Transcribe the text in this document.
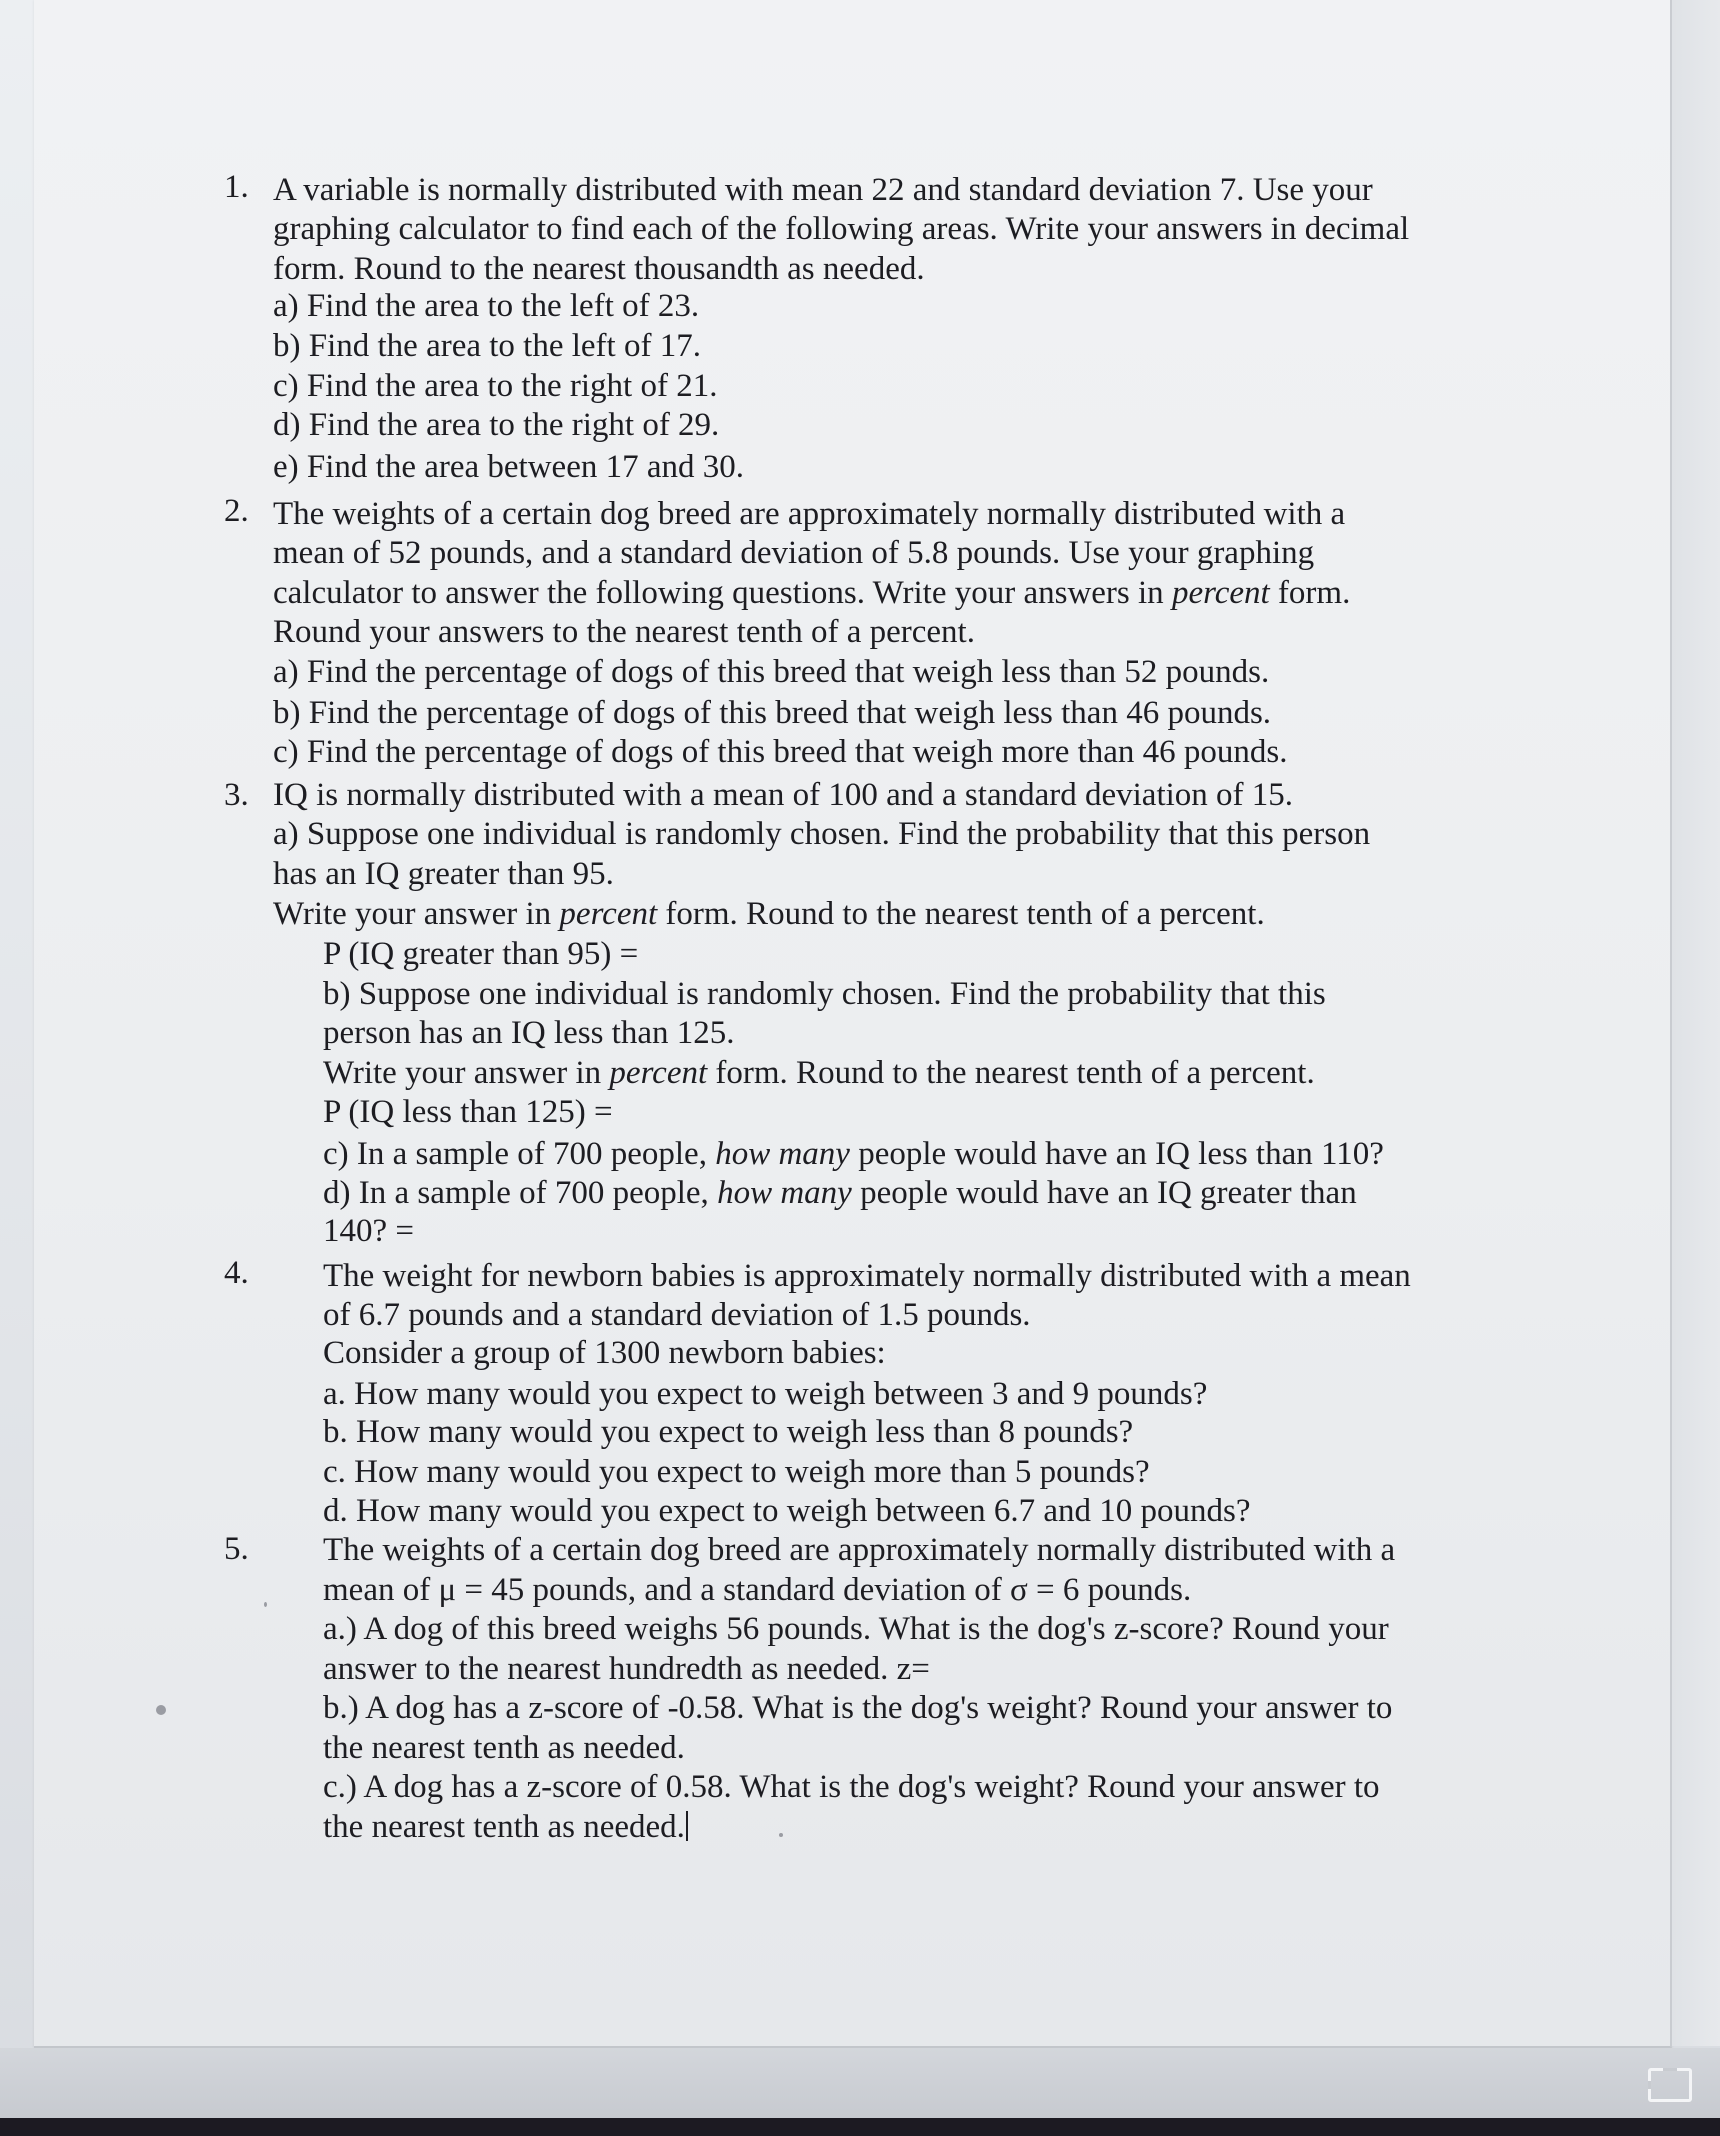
1. A variable is normally distributed with mean 22 and standard deviation 7. Use your
graphing calculator to find each of the following areas. Write your answers in decimal
form. Round to the nearest thousandth as needed.
a) Find the area to the left of 23.
b) Find the area to the left of 17.
c) Find the area to the right of 21.
d) Find the area to the right of 29.
e) Find the area between 17 and 30.
2. The weights of a certain dog breed are approximately normally distributed with a
mean of 52 pounds, and a standard deviation of 5.8 pounds. Use your graphing
calculator to answer the following questions. Write your answers in percent form.
Round your answers to the nearest tenth of a percent.
a) Find the percentage of dogs of this breed that weigh less than 52 pounds.
b) Find the percentage of dogs of this breed that weigh less than 46 pounds.
c) Find the percentage of dogs of this breed that weigh more than 46 pounds.
3. IQ is normally distributed with a mean of 100 and a standard deviation of 15.
a) Suppose one individual is randomly chosen. Find the probability that this person
has an IQ greater than 95.
Write your answer in percent form. Round to the nearest tenth of a percent.
P (IQ greater than 95) =
b) Suppose one individual is randomly chosen. Find the probability that this
person has an IQ less than 125.
Write your answer in percent form. Round to the nearest tenth of a percent.
P (IQ less than 125) =
c) In a sample of 700 people, how many people would have an IQ less than 110?
d) In a sample of 700 people, how many people would have an IQ greater than
140? =
4. The weight for newborn babies is approximately normally distributed with a mean
of 6.7 pounds and a standard deviation of 1.5 pounds.
Consider a group of 1300 newborn babies:
a. How many would you expect to weigh between 3 and 9 pounds?
b. How many would you expect to weigh less than 8 pounds?
c. How many would you expect to weigh more than 5 pounds?
d. How many would you expect to weigh between 6.7 and 10 pounds?
5. The weights of a certain dog breed are approximately normally distributed with a
mean of μ = 45 pounds, and a standard deviation of σ = 6 pounds.
a.) A dog of this breed weighs 56 pounds. What is the dog's z-score? Round your
answer to the nearest hundredth as needed. z=
b.) A dog has a z-score of -0.58. What is the dog's weight? Round your answer to
the nearest tenth as needed.
c.) A dog has a z-score of 0.58. What is the dog's weight? Round your answer to
the nearest tenth as needed.
